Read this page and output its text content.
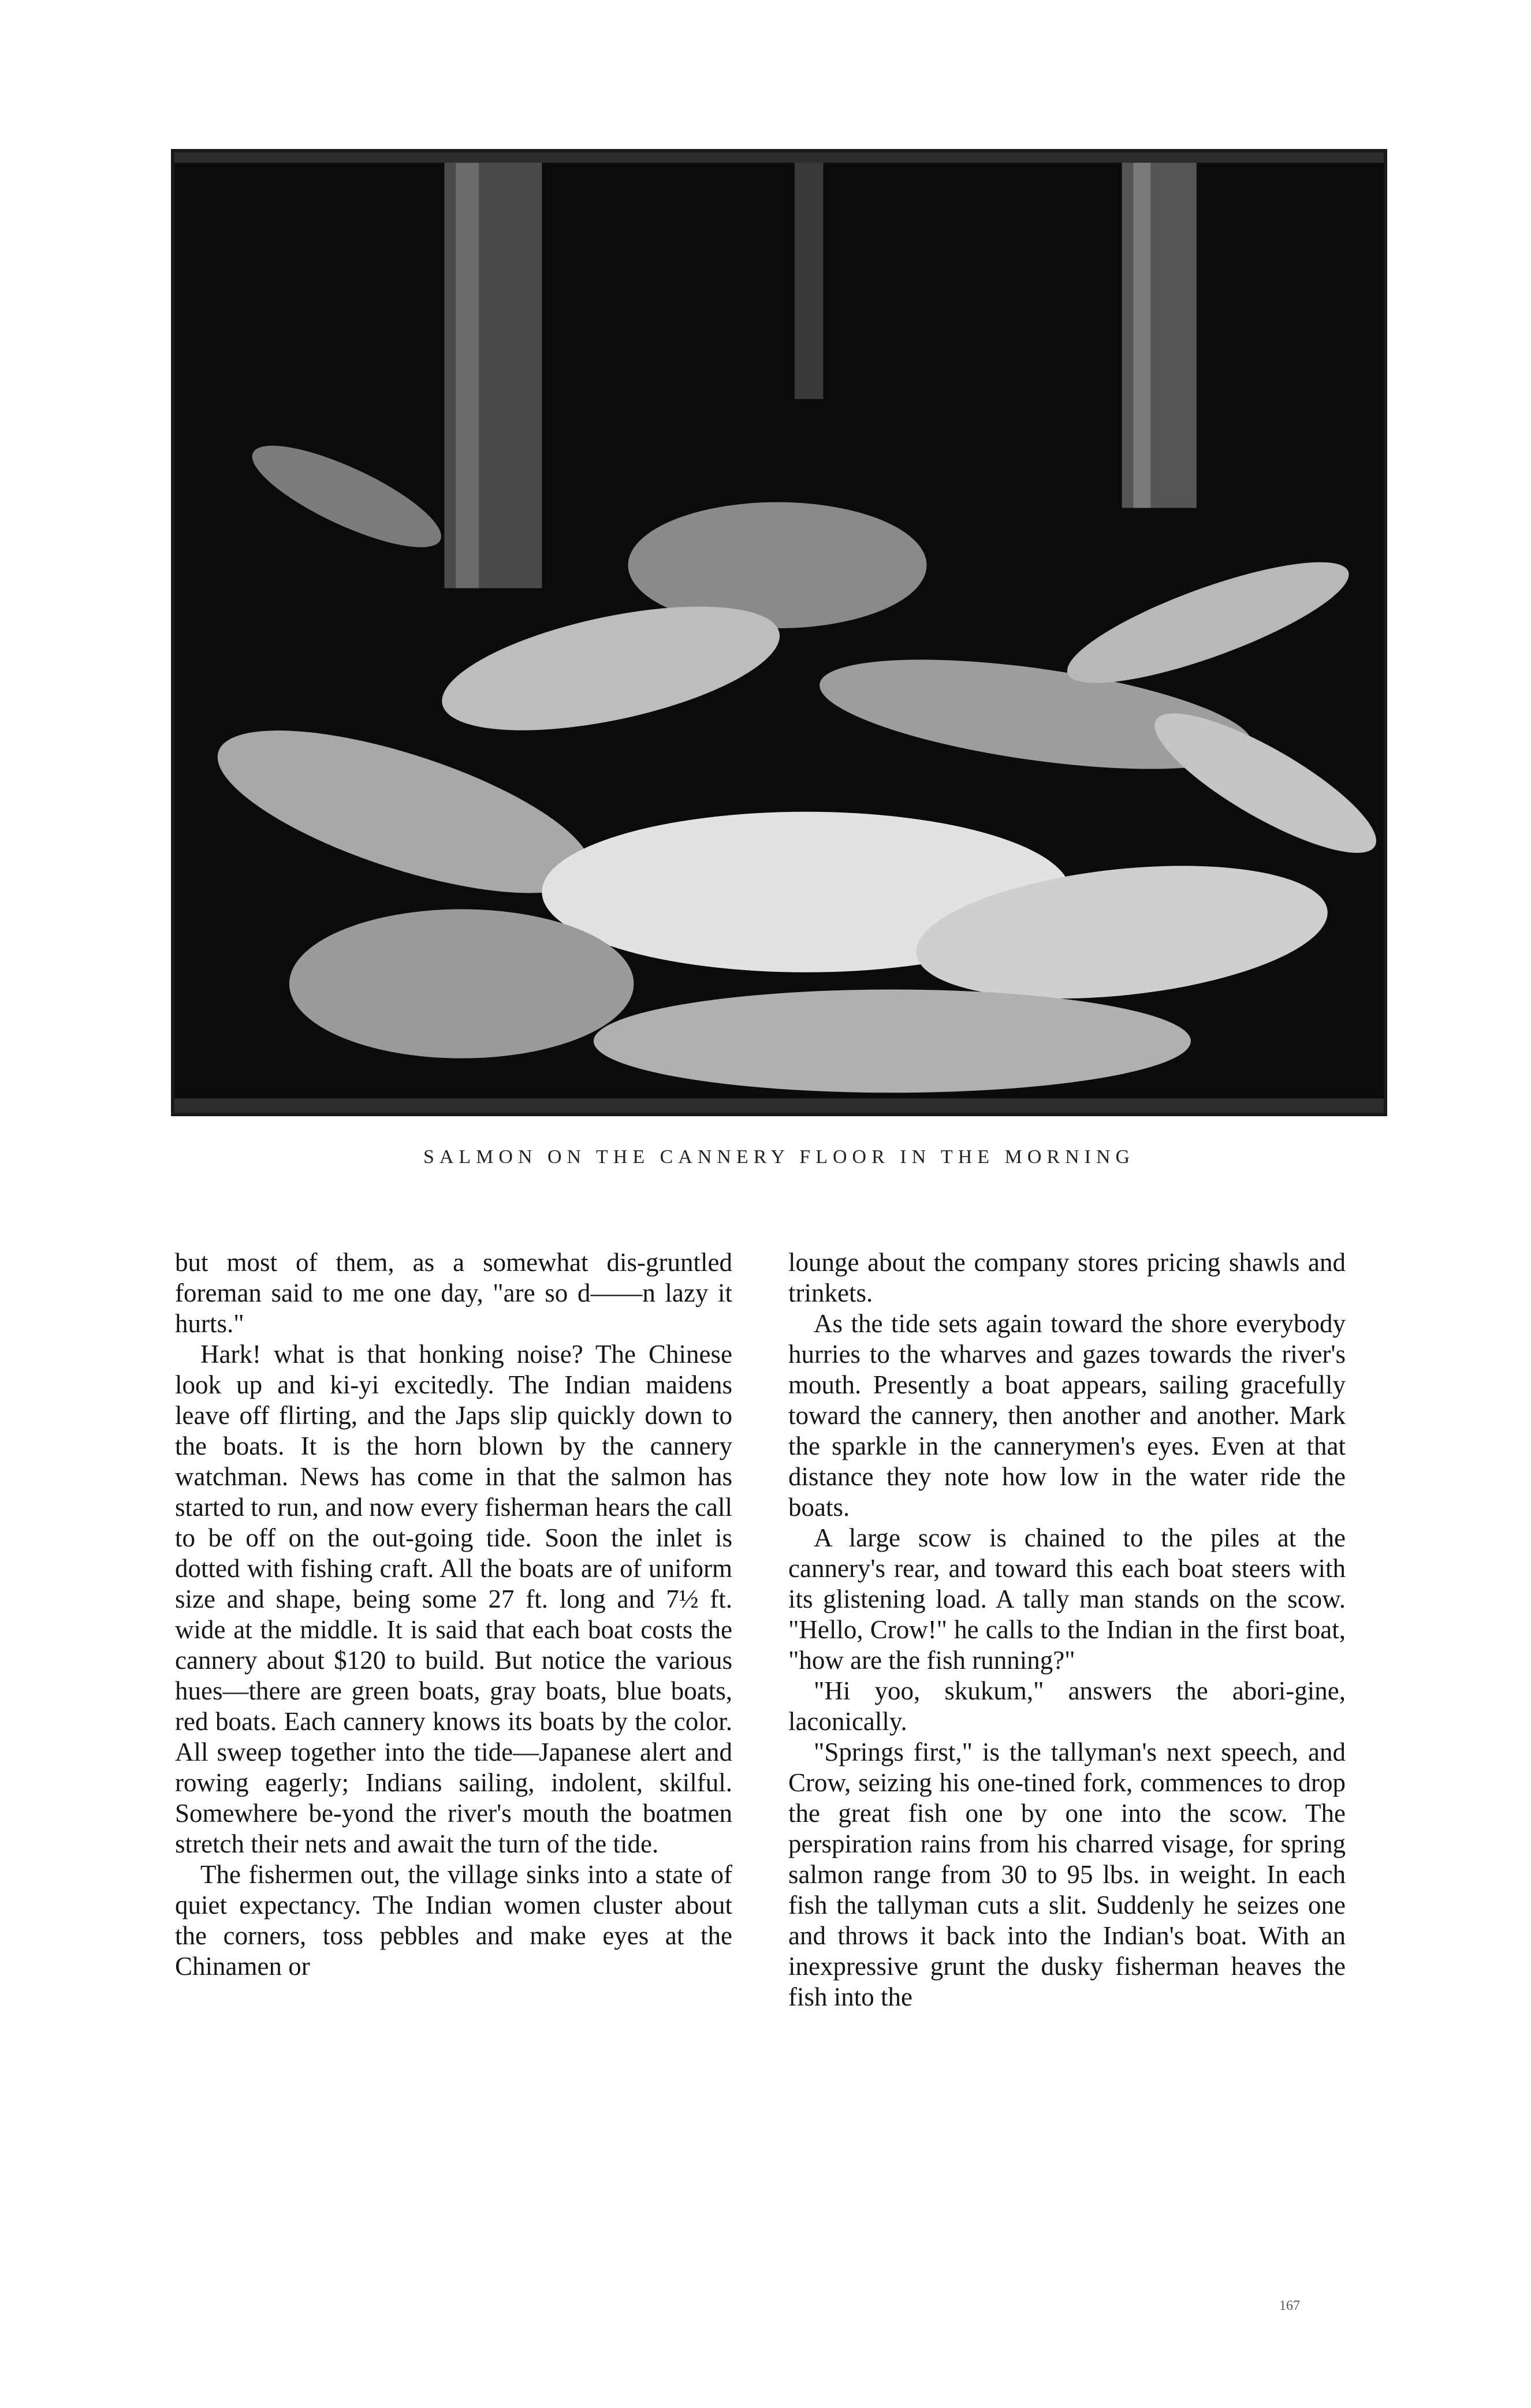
SALMON ON THE CANNERY FLOOR IN THE MORNING

but most of them, as a somewhat dis-gruntled foreman said to me one day, "are so d——n lazy it hurts."

Hark! what is that honking noise? The Chinese look up and ki-yi excitedly. The Indian maidens leave off flirting, and the Japs slip quickly down to the boats. It is the horn blown by the cannery watchman. News has come in that the salmon has started to run, and now every fisherman hears the call to be off on the out-going tide. Soon the inlet is dotted with fishing craft. All the boats are of uniform size and shape, being some 27 ft. long and 7½ ft. wide at the middle. It is said that each boat costs the cannery about $120 to build. But notice the various hues—there are green boats, gray boats, blue boats, red boats. Each cannery knows its boats by the color. All sweep together into the tide—Japanese alert and rowing eagerly; Indians sailing, indolent, skilful. Somewhere be-yond the river's mouth the boatmen stretch their nets and await the turn of the tide.

The fishermen out, the village sinks into a state of quiet expectancy. The Indian women cluster about the corners, toss pebbles and make eyes at the Chinamen or

lounge about the company stores pricing shawls and trinkets.

As the tide sets again toward the shore everybody hurries to the wharves and gazes towards the river's mouth. Presently a boat appears, sailing gracefully toward the cannery, then another and another. Mark the sparkle in the cannerymen's eyes. Even at that distance they note how low in the water ride the boats.

A large scow is chained to the piles at the cannery's rear, and toward this each boat steers with its glistening load. A tally man stands on the scow. "Hello, Crow!" he calls to the Indian in the first boat, "how are the fish running?"

"Hi yoo, skukum," answers the abori-gine, laconically.

"Springs first," is the tallyman's next speech, and Crow, seizing his one-tined fork, commences to drop the great fish one by one into the scow. The perspiration rains from his charred visage, for spring salmon range from 30 to 95 lbs. in weight. In each fish the tallyman cuts a slit. Suddenly he seizes one and throws it back into the Indian's boat. With an inexpressive grunt the dusky fisherman heaves the fish into the

167
